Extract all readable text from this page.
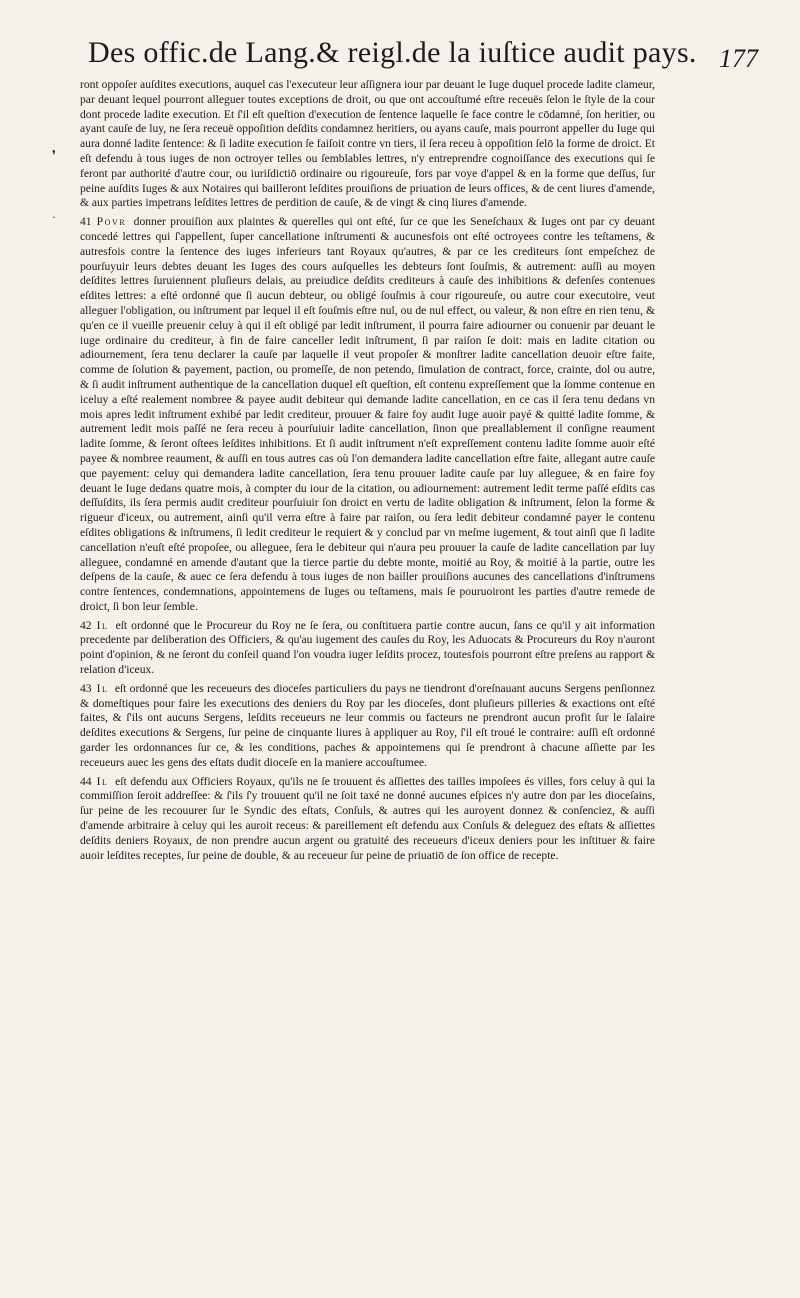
Des offic.de Lang.& reigl.de la iuſtice audit pays. 177
❜
·

ront oppoſer auſdites executions, auquel cas l'executeur leur aſſignera iour par deuant le Iuge duquel procede ladite clameur, par deuant lequel pourront alleguer toutes exceptions de droit, ou que ont accouſtumé eſtre receuës ſelon le ſtyle de la cour dont procede ladite execution. Et ſ'il eſt queſtion d'execution de ſentence laquelle ſe face contre le cōdamné, ſon heritier, ou ayant cauſe de luy, ne ſera receuë oppoſition deſdits condamnez heritiers, ou ayans cauſe, mais pourront appeller du Iuge qui aura donné ladite ſentence: & ſi ladite execution ſe faiſoit contre vn tiers, il ſera receu à oppoſition ſelō la forme de droict. Et eſt defendu à tous iuges de non octroyer telles ou ſemblables lettres, n'y entreprendre cognoiſſance des executions qui ſe feront par authorité d'autre cour, ou iuriſdictiō ordinaire ou rigoureuſe, fors par voye d'appel & en la forme que deſſus, ſur peine auſdits Iuges & aux Notaires qui bailleront leſdites prouiſions de priuation de leurs offices, & de cent liures d'amende, & aux parties impetrans leſdites lettres de perdition de cauſe, & de vingt & cinq liures d'amende.

41 Povr donner prouiſion aux plaintes & querelles qui ont eſté, ſur ce que les Seneſchaux & Iuges ont par cy deuant concedé lettres qui ſ'appellent, ſuper cancellatione inſtrumenti & aucunesfois ont eſté octroyees contre les teſtamens, & autresfois contre la ſentence des iuges inferieurs tant Royaux qu'autres, & par ce les crediteurs ſont empeſchez de pourſuyuir leurs debtes deuant les Iuges des cours auſquelles les debteurs ſont ſouſmis, & autrement: auſſi au moyen deſdites lettres ſuruiennent pluſieurs delais, au preiudice deſdits crediteurs à cauſe des inhibitions & defenſes contenues eſdites lettres: a eſté ordonné que ſi aucun debteur, ou obligé ſouſmis à cour rigoureuſe, ou autre cour executoire, veut alleguer l'obligation, ou inſtrument par lequel il eſt ſouſmis eſtre nul, ou de nul effect, ou valeur, & non eſtre en rien tenu, & qu'en ce il vueille preuenir celuy à qui il eſt obligé par ledit inſtrument, il pourra faire adiourner ou conuenir par deuant le iuge ordinaire du crediteur, à fin de faire canceller ledit inſtrument, ſi par raiſon ſe doit: mais en ladite citation ou adiournement, ſera tenu declarer la cauſe par laquelle il veut propoſer & monſtrer ladite cancellation deuoir eſtre faite, comme de ſolution & payement, paction, ou promeſſe, de non petendo, ſimulation de contract, force, crainte, dol ou autre, & ſi audit inſtrument authentique de la cancellation duquel eſt queſtion, eſt contenu expreſſement que la ſomme contenue en iceluy a eſté realement nombree & payee audit debiteur qui demande ladite cancellation, en ce cas il ſera tenu dedans vn mois apres ledit inſtrument exhibé par ledit crediteur, prouuer & faire foy audit Iuge auoir payé & quitté ladite ſomme, & autrement ledit mois paſſé ne ſera receu à pourſuiuir ladite cancellation, ſinon que preallablement il conſigne reaument ladite ſomme, & ſeront oſtees leſdites inhibitions. Et ſi audit inſtrument n'eſt expreſſement contenu ladite ſomme auoir eſté payee & nombree reaument, & auſſi en tous autres cas où l'on demandera ladite cancellation eſtre faite, allegant autre cauſe que payement: celuy qui demandera ladite cancellation, ſera tenu prouuer ladite cauſe par luy alleguee, & en faire foy deuant le Iuge dedans quatre mois, à compter du iour de la citation, ou adiournement: autrement ledit terme paſſé eſdits cas deſſuſdits, ils ſera permis audit crediteur pourſuiuir ſon droict en vertu de ladite obligation & inſtrument, ſelon la forme & rigueur d'iceux, ou autrement, ainſi qu'il verra eſtre à faire par raiſon, ou ſera ledit debiteur condamné payer le contenu eſdites obligations & inſtrumens, ſi ledit crediteur le requiert & y conclud par vn meſme iugement, & tout ainſi que ſi ladite cancellation n'euſt eſté propoſee, ou alleguee, ſera le debiteur qui n'aura peu prouuer la cauſe de ladite cancellation par luy alleguee, condamné en amende d'autant que la tierce partie du debte monte, moitié au Roy, & moitié à la partie, outre les deſpens de la cauſe, & auec ce ſera defendu à tous iuges de non bailler prouiſions aucunes des cancellations d'inſtrumens contre ſentences, condemnations, appointemens de Iuges ou teſtamens, mais ſe pouruoiront les parties d'autre remede de droict, ſi bon leur ſemble.

42 Il eſt ordonné que le Procureur du Roy ne ſe ſera, ou conſtituera partie contre aucun, ſans ce qu'il y ait information precedente par deliberation des Officiers, & qu'au iugement des cauſes du Roy, les Aduocats & Procureurs du Roy n'auront point d'opinion, & ne ſeront du conſeil quand l'on voudra iuger leſdits procez, toutesfois pourront eſtre preſens au rapport & relation d'iceux.

43 Il eſt ordonné que les receueurs des dioceſes particuliers du pays ne tiendront d'oreſnauant aucuns Sergens penſionnez & domeſtiques pour faire les executions des deniers du Roy par les dioceſes, dont pluſieurs pilleries & exactions ont eſté faites, & ſ'ils ont aucuns Sergens, leſdits receueurs ne leur commis ou facteurs ne prendront aucun profit ſur le ſalaire deſdites executions & Sergens, ſur peine de cinquante liures à appliquer au Roy, ſ'il eſt troué le contraire: auſſi eſt ordonné garder les ordonnances ſur ce, & les conditions, paches & appointemens qui ſe prendront à chacune aſſiette par les receueurs auec les gens des eſtats dudit dioceſe en la maniere accouſtumee.

44 Il eſt defendu aux Officiers Royaux, qu'ils ne ſe trouuent és aſſiettes des tailles impoſees és villes, fors celuy à qui la commiſſion ſeroit addreſſee: & ſ'ils ſ'y trouuent qu'il ne ſoit taxé ne donné aucunes eſpices n'y autre don par les dioceſains, ſur peine de les recouurer ſur le Syndic des eſtats, Conſuls, & autres qui les auroyent donnez & conſenciez, & auſſi d'amende arbitraire à celuy qui les auroit receus: & pareillement eſt defendu aux Conſuls & deleguez des eſtats & aſſiettes deſdits deniers Royaux, de non prendre aucun argent ou gratuité des receueurs d'iceux deniers pour les inſtituer & faire auoir leſdites receptes, ſur peine de double, & au receueur ſur peine de priuatiō de ſon office de recepte.
